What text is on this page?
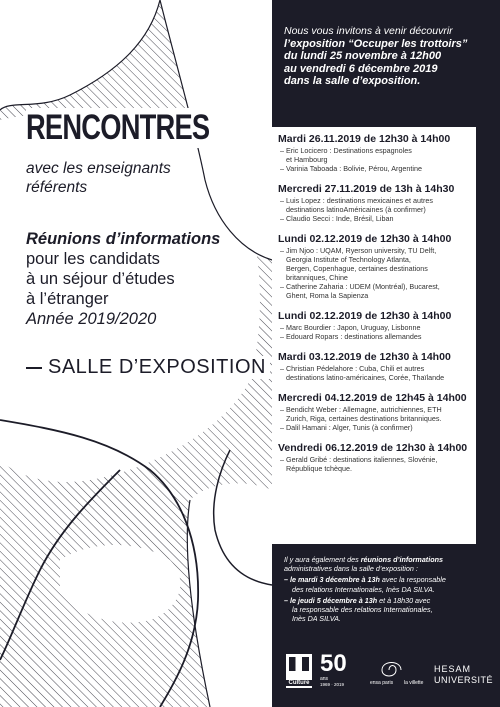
RENCONTRES
avec les enseignants
référents
Réunions d’informations
pour les candidats
à un séjour d’études
à l’étranger
Année 2019/2020
SALLE D’EXPOSITION
Nous vous invitons à venir découvrir
l’exposition “Occuper les trottoirs”
du lundi 25 novembre à 12h00
au vendredi 6 décembre 2019
dans la salle d’exposition.
Mardi 26.11.2019 de 12h30 à 14h00
– Eric Locicero : Destinations espagnoles
et Hambourg
– Varinia Taboada : Bolivie, Pérou, Argentine
Mercredi 27.11.2019 de 13h à 14h30
– Luis Lopez : destinations mexicaines et autres
destinations latinoAméricaines (à confirmer)
– Claudio Secci : Inde, Brésil, Liban
Lundi 02.12.2019 de 12h30 à 14h00
– Jim Njoo : UQAM, Ryerson university, TU Delft,
Georgia Institute of Technology Atlanta,
Bergen, Copenhague, certaines destinations
britanniques, Chine
– Catherine Zaharia : UDEM (Montréal), Bucarest,
Ghent, Roma la Sapienza
Lundi 02.12.2019 de 12h30 à 14h00
– Marc Bourdier : Japon, Uruguay, Lisbonne
– Edouard Ropars : destinations allemandes
Mardi 03.12.2019 de 12h30 à 14h00
– Christian Pédelahore : Cuba, Chili et autres
destinations latino-américaines, Corée, Thaïlande
Mercredi 04.12.2019 de 12h45 à 14h00
– Bendicht Weber : Allemagne, autrichiennes, ETH
Zurich, Riga, certaines destinations britanniques.
– Dalil Hamani : Alger, Tunis (à confirmer)
Vendredi 06.12.2019 de 12h30 à 14h00
– Gerald Gribé : destinations italiennes, Slovénie,
République tchèque.
Il y aura également des réunions d’informations
administratives dans la salle d’exposition :
– le mardi 3 décembre à 13h avec la responsable
des relations Internationales, Inès DA SILVA.
– le jeudi 5 décembre à 13h et à 18h30 avec
la responsable des relations Internationales,
Inès DA SILVA.
Culture
50
ans
1969 · 2019	ensa paris la villette
HESAM
UNIVERSITÉ
